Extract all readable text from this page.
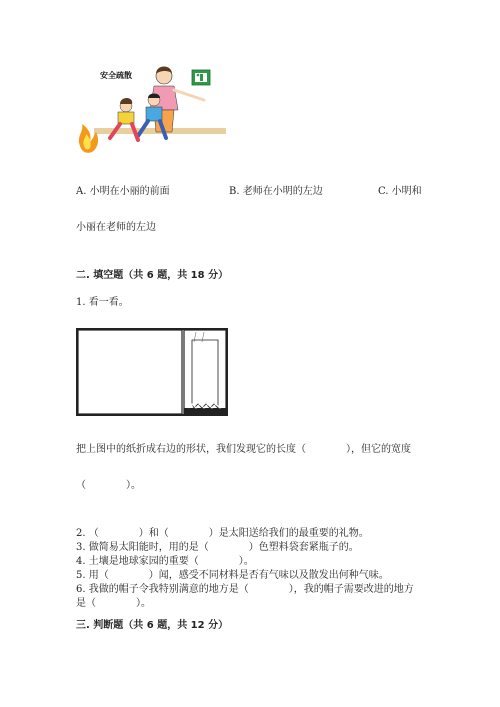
安全疏散
A. 小明在小丽的前面	B. 老师在小明的左边	C. 小明和
小丽在老师的左边
二. 填空题（共 6 题，共 18 分）
1. 看一看。
把上图中的纸折成右边的形状，我们发现它的长度（　　　　），但它的宽度
（　　　　）。
2. （　　　　）和（　　　　）是太阳送给我们的最重要的礼物。
3. 做简易太阳能时，用的是（　　　　）色塑料袋套紧瓶子的。
4. 土壤是地球家园的重要（　　　　）。
5. 用（　　　　）闻，感受不同材料是否有气味以及散发出何种气味。
6. 我做的帽子令我特别满意的地方是（　　　　），我的帽子需要改进的地方
是（　　　　）。
三. 判断题（共 6 题，共 12 分）
